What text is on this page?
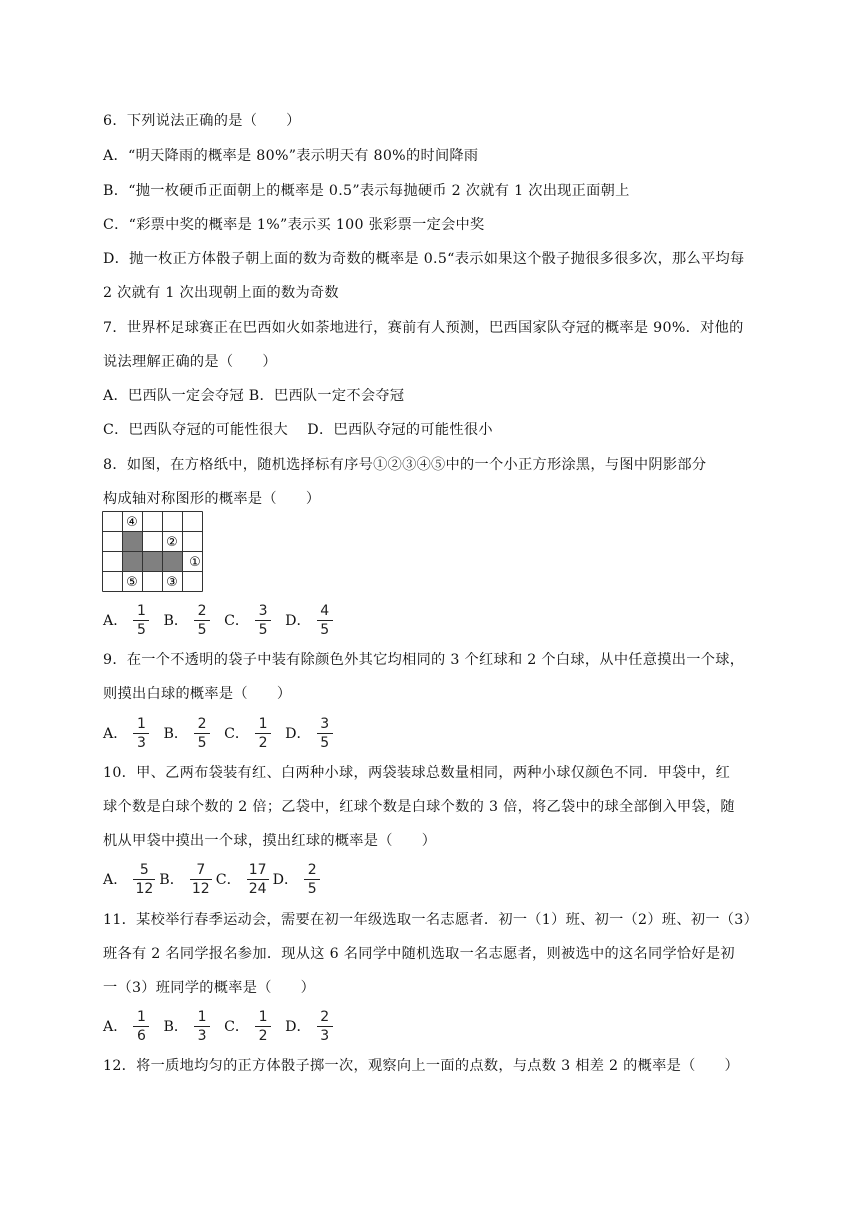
6．下列说法正确的是（　　）
A．“明天降雨的概率是 80%”表示明天有 80%的时间降雨
B．“抛一枚硬币正面朝上的概率是 0.5”表示每抛硬币 2 次就有 1 次出现正面朝上
C．“彩票中奖的概率是 1%”表示买 100 张彩票一定会中奖
D．抛一枚正方体骰子朝上面的数为奇数的概率是 0.5“表示如果这个骰子抛很多很多次，那么平均每
2 次就有 1 次出现朝上面的数为奇数
7．世界杯足球赛正在巴西如火如荼地进行，赛前有人预测，巴西国家队夺冠的概率是 90%．对他的
说法理解正确的是（　　）
A．巴西队一定会夺冠 B．巴西队一定不会夺冠
C．巴西队夺冠的可能性很大　 D．巴西队夺冠的可能性很小
8．如图，在方格纸中，随机选择标有序号①②③④⑤中的一个小正方形涂黑，与图中阴影部分
构成轴对称图形的概率是（　　）
④
②
①
⑤ ③
A． $\frac{1}{5}$ B． $\frac{2}{5}$ C． $\frac{3}{5}$ D． $\frac{4}{5}$
9．在一个不透明的袋子中装有除颜色外其它均相同的 3 个红球和 2 个白球，从中任意摸出一个球，
则摸出白球的概率是（　　）
A． $\frac{1}{3}$ B． $\frac{2}{5}$ C． $\frac{1}{2}$ D． $\frac{3}{5}$
10．甲、乙两布袋装有红、白两种小球，两袋装球总数量相同，两种小球仅颜色不同．甲袋中，红
球个数是白球个数的 2 倍；乙袋中，红球个数是白球个数的 3 倍，将乙袋中的球全部倒入甲袋，随
机从甲袋中摸出一个球，摸出红球的概率是（　　）
A． $\frac{5}{12}$ B． $\frac{7}{12}$ C． $\frac{17}{24}$ D． $\frac{2}{5}$
11．某校举行春季运动会，需要在初一年级选取一名志愿者．初一（1）班、初一（2）班、初一（3）
班各有 2 名同学报名参加．现从这 6 名同学中随机选取一名志愿者，则被选中的这名同学恰好是初
一（3）班同学的概率是（　　）
A． $\frac{1}{6}$ B． $\frac{1}{3}$ C． $\frac{1}{2}$ D． $\frac{2}{3}$
12．将一质地均匀的正方体骰子掷一次，观察向上一面的点数，与点数 3 相差 2 的概率是（　　）
